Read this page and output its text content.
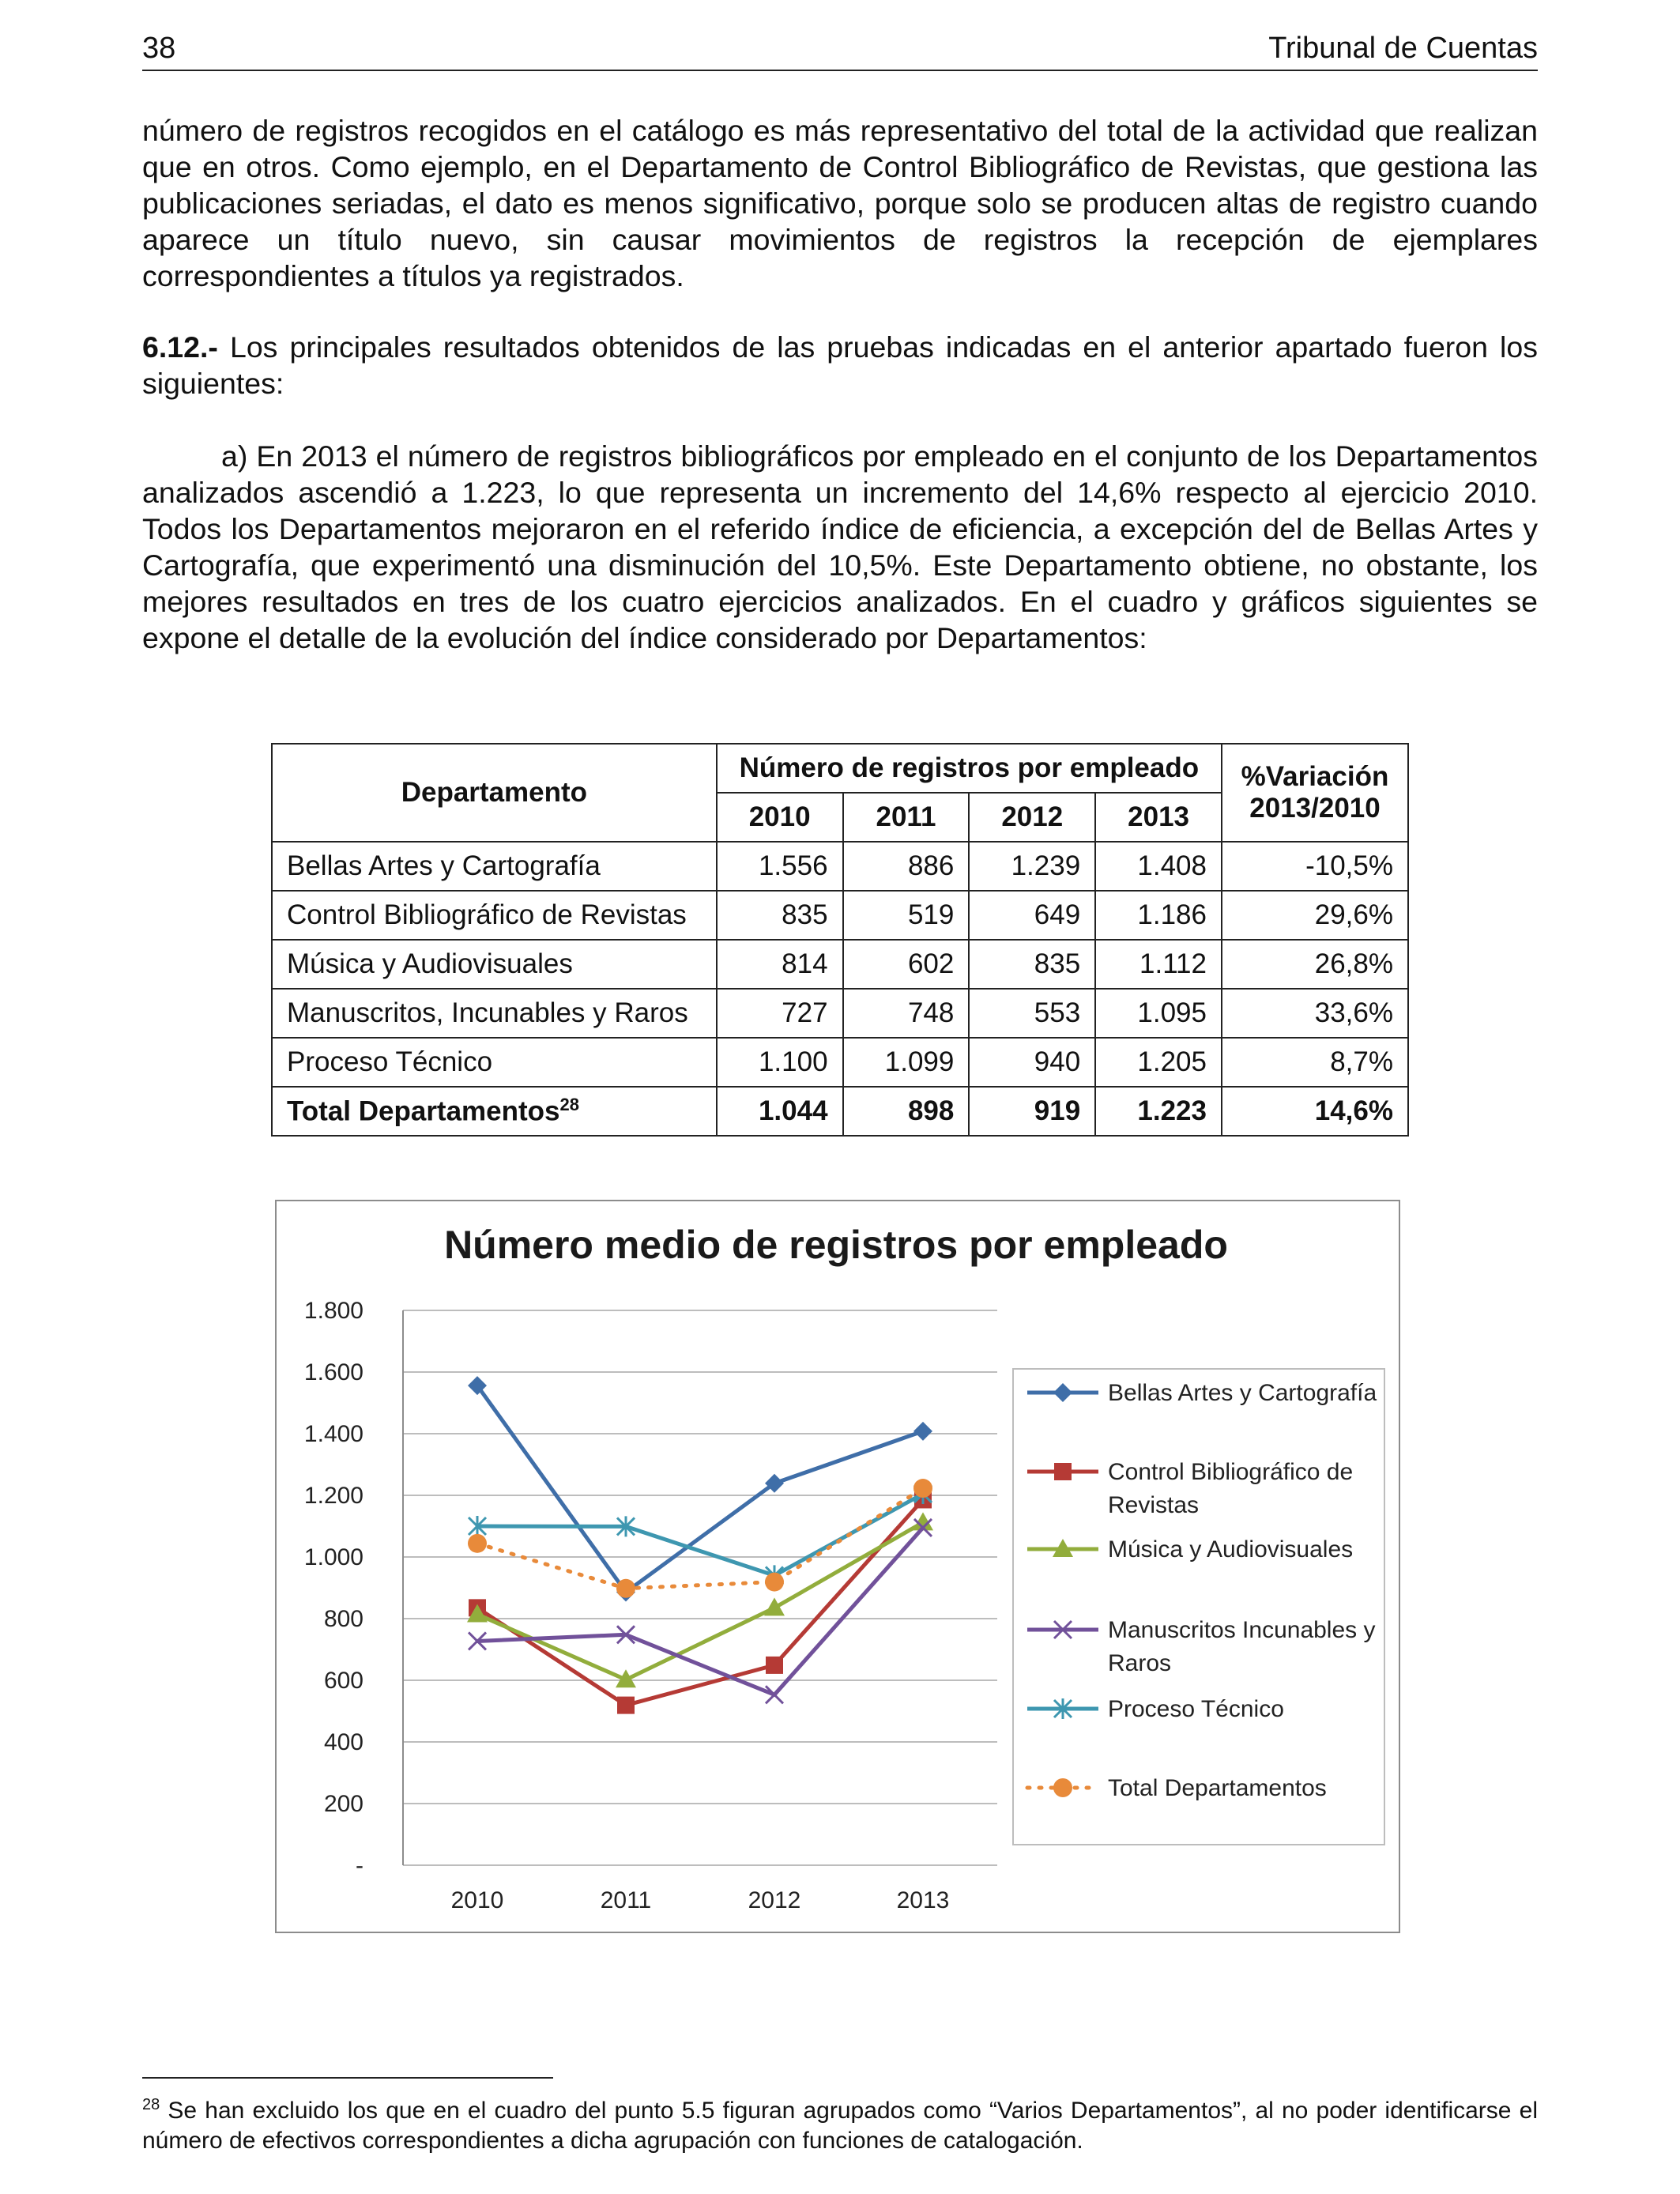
38	Tribunal de Cuentas

número de registros recogidos en el catálogo es más representativo del total de la actividad que realizan que en otros. Como ejemplo, en el Departamento de Control Bibliográfico de Revistas, que gestiona las publicaciones seriadas, el dato es menos significativo, porque solo se producen altas de registro cuando aparece un título nuevo, sin causar movimientos de registros la recepción de ejemplares correspondientes a títulos ya registrados.

6.12.- Los principales resultados obtenidos de las pruebas indicadas en el anterior apartado fueron los siguientes:

a) En 2013 el número de registros bibliográficos por empleado en el conjunto de los Departamentos analizados ascendió a 1.223, lo que representa un incremento del 14,6% respecto al ejercicio 2010. Todos los Departamentos mejoraron en el referido índice de eficiencia, a excepción del de Bellas Artes y Cartografía, que experimentó una disminución del 10,5%. Este Departamento obtiene, no obstante, los mejores resultados en tres de los cuatro ejercicios analizados. En el cuadro y gráficos siguientes se expone el detalle de la evolución del índice considerado por Departamentos:

Departamento	Número de registros por empleado				%Variación 2013/2010
	2010	2011	2012	2013	
Bellas Artes y Cartografía	1.556	886	1.239	1.408	-10,5%
Control Bibliográfico de Revistas	835	519	649	1.186	29,6%
Música y Audiovisuales	814	602	835	1.112	26,8%
Manuscritos, Incunables y Raros	727	748	553	1.095	33,6%
Proceso Técnico	1.100	1.099	940	1.205	8,7%
Total Departamentos$^{28}$	1.044	898	919	1.223	14,6%
Número medio de registros por empleado
-
200
400
600
800
1.000
1.200
1.400
1.600
1.800
2010	2011	2012	2013
Bellas Artes y Cartografía
Control Bibliográfico de
Revistas
Música y Audiovisuales
Manuscritos Incunables y
Raros
Proceso Técnico
Total Departamentos

$^{28}$ Se han excluido los que en el cuadro del punto 5.5 figuran agrupados como “Varios Departamentos”, al no poder identificarse el número de efectivos correspondientes a dicha agrupación con funciones de catalogación.
